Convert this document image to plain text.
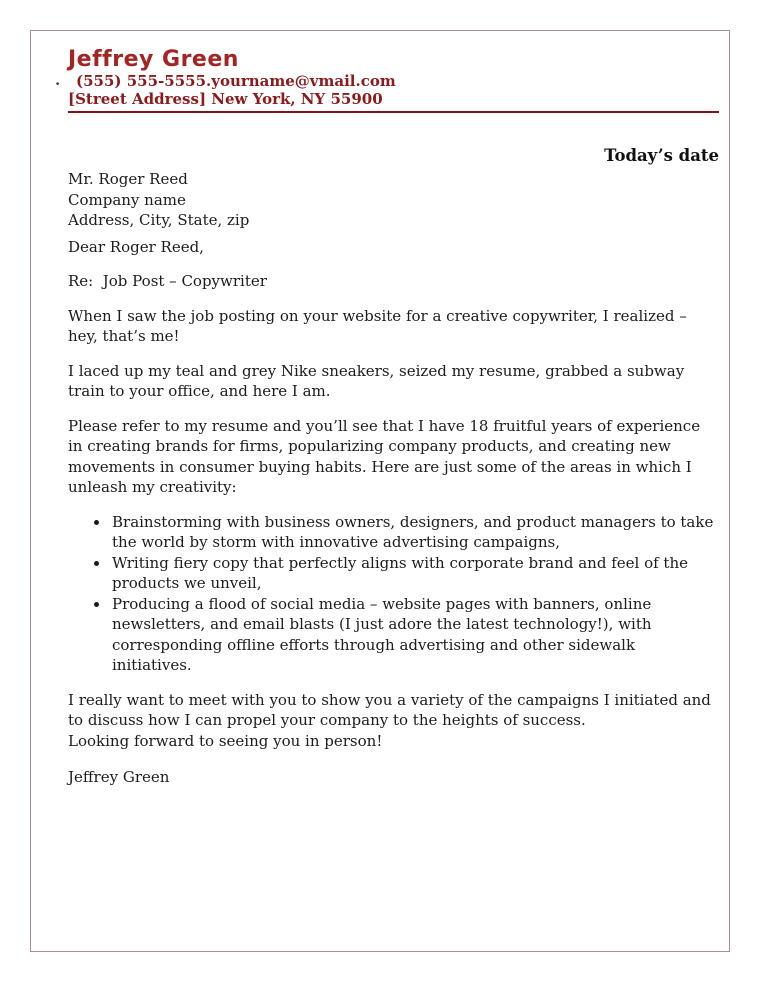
Jeffrey Green
. (555) 555-5555.yourname@vmail.com
[Street Address] New York, NY 55900
Today’s date
Mr. Roger Reed
Company name
Address, City, State, zip
Dear Roger Reed,
Re:  Job Post – Copywriter

When I saw the job posting on your website for a creative copywriter, I realized – hey, that’s me!

I laced up my teal and grey Nike sneakers, seized my resume, grabbed a subway train to your office, and here I am.

Please refer to my resume and you’ll see that I have 18 fruitful years of experience in creating brands for firms, popularizing company products, and creating new movements in consumer buying habits. Here are just some of the areas in which I unleash my creativity:

• Brainstorming with business owners, designers, and product managers to take the world by storm with innovative advertising campaigns,
• Writing fiery copy that perfectly aligns with corporate brand and feel of the products we unveil,
• Producing a flood of social media – website pages with banners, online newsletters, and email blasts (I just adore the latest technology!), with corresponding offline efforts through advertising and other sidewalk initiatives.

I really want to meet with you to show you a variety of the campaigns I initiated and to discuss how I can propel your company to the heights of success.
Looking forward to seeing you in person!

Jeffrey Green
